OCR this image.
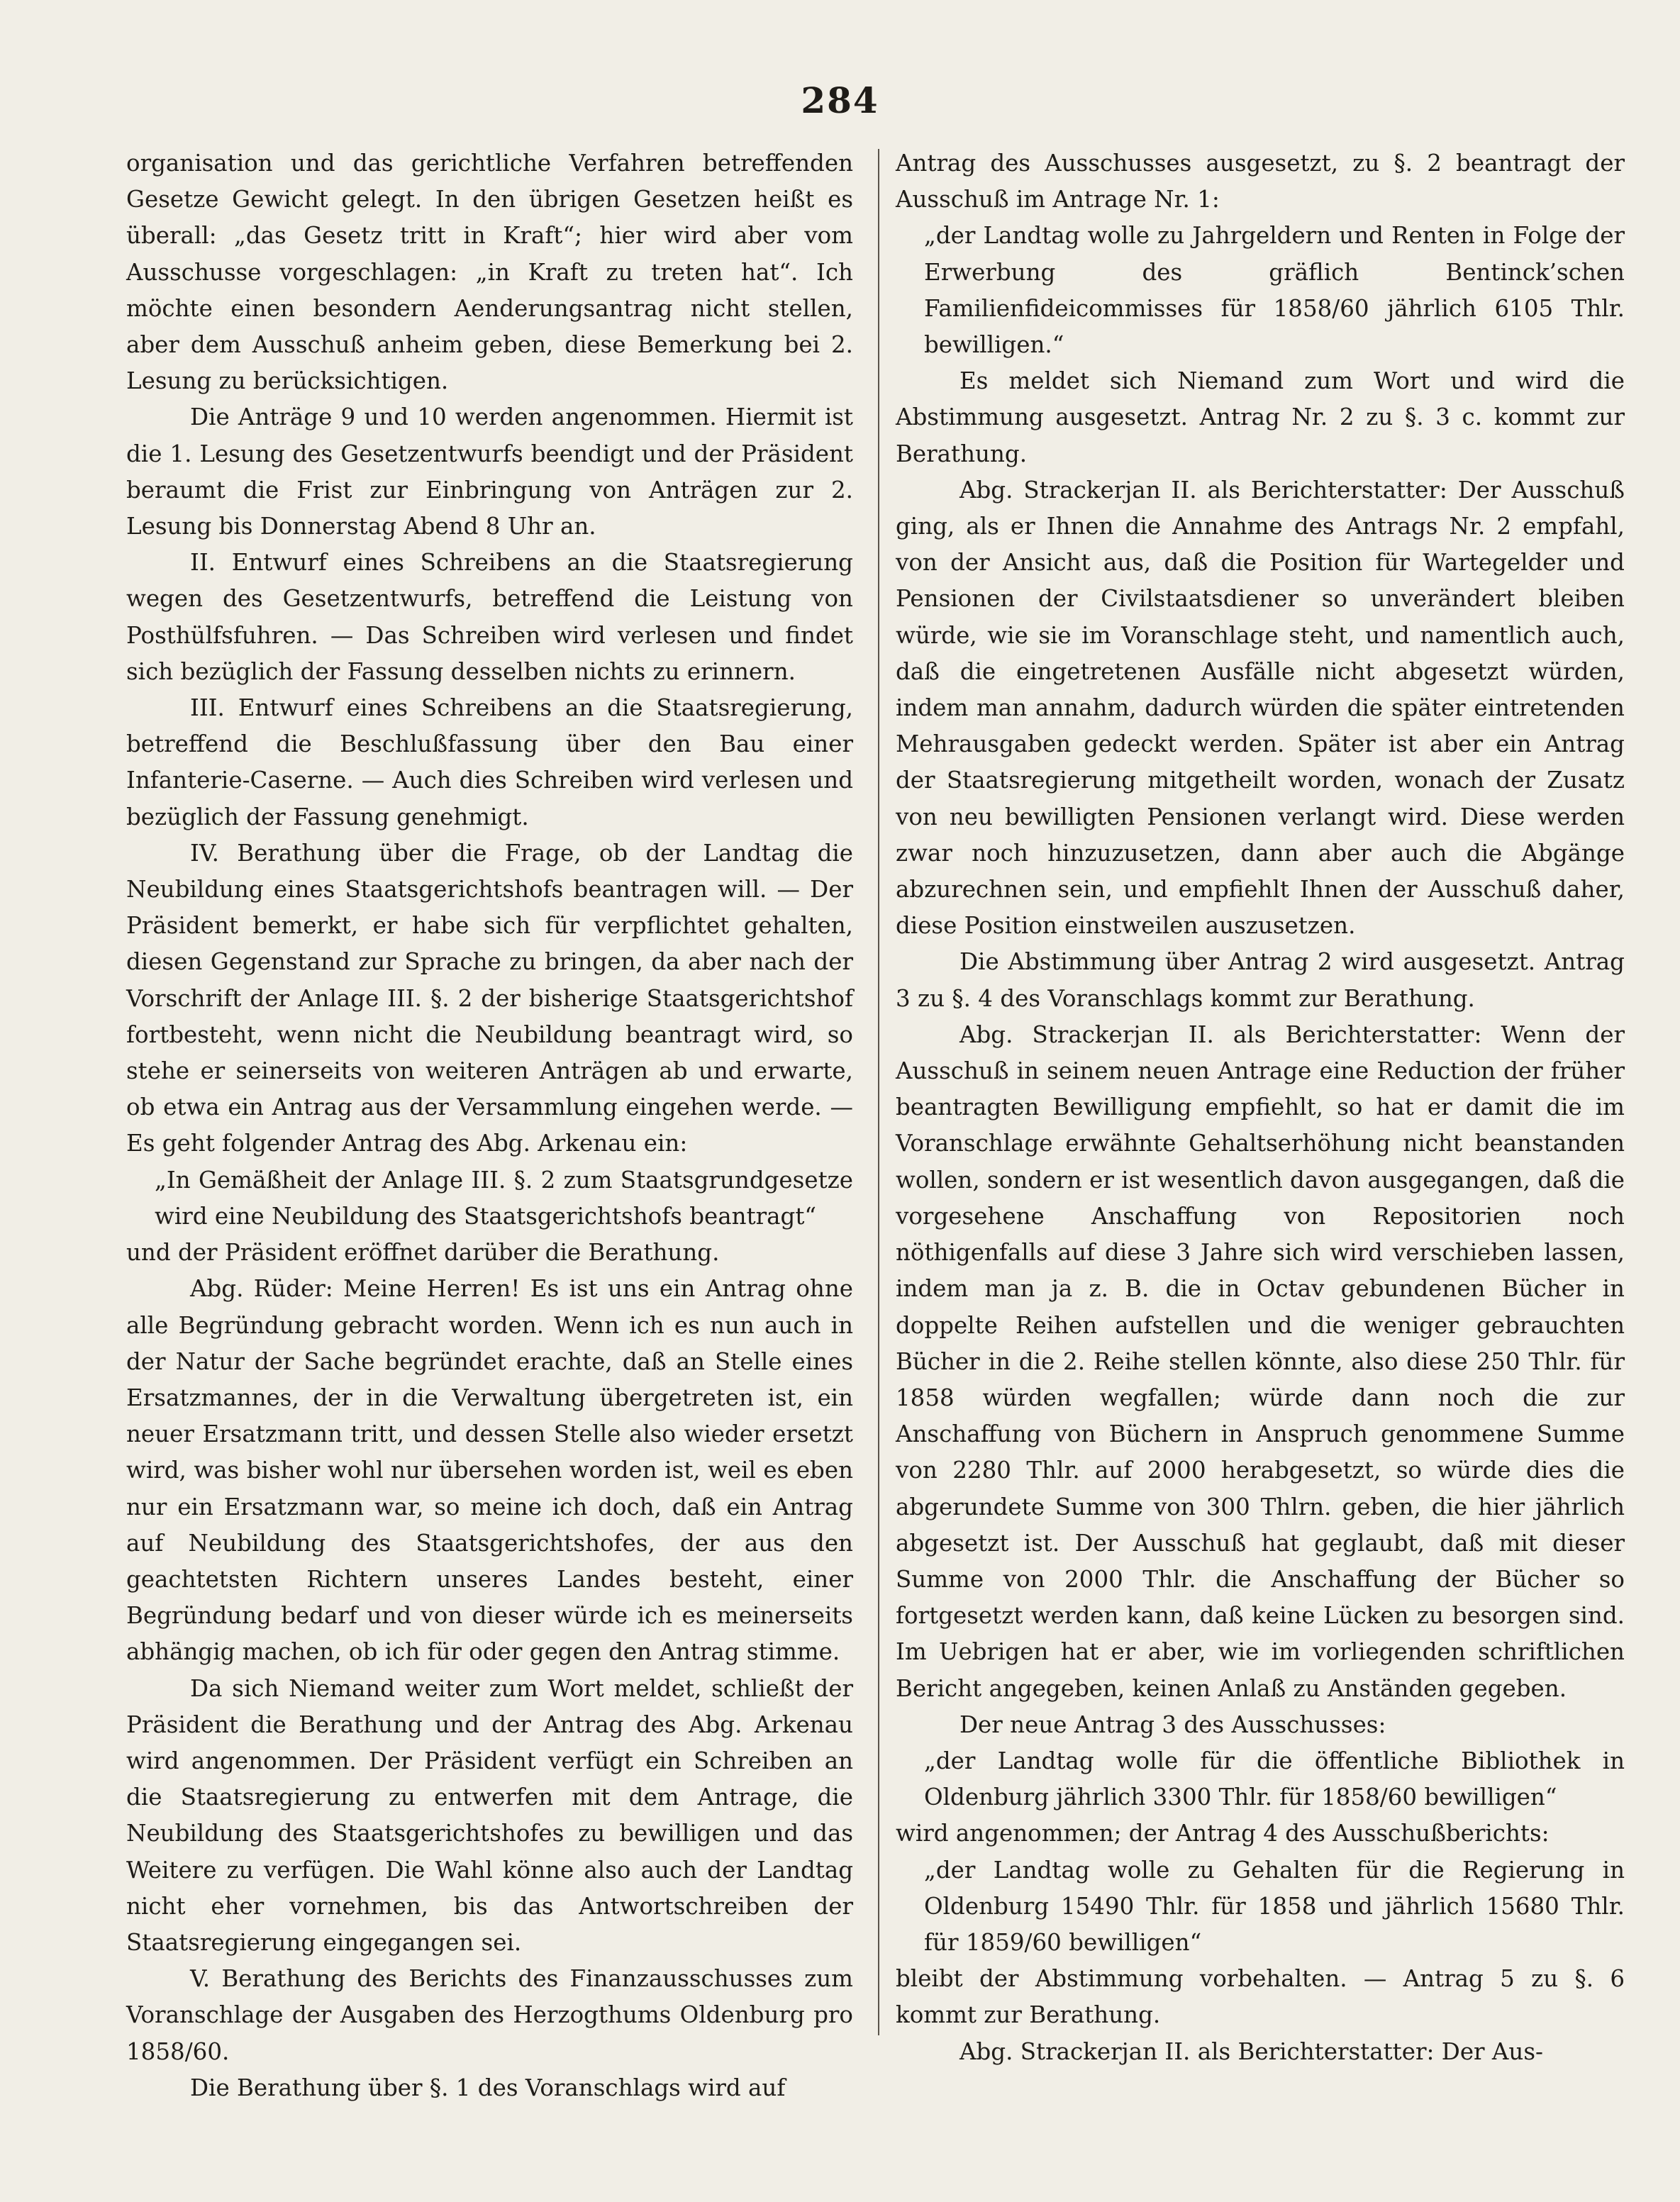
284

organisation und das gerichtliche Verfahren betreffenden Gesetze Gewicht gelegt. In den übrigen Gesetzen heißt es überall: „das Gesetz tritt in Kraft“; hier wird aber vom Ausschusse vorgeschlagen: „in Kraft zu treten hat“. Ich möchte einen besondern Aenderungsantrag nicht stellen, aber dem Ausschuß anheim geben, diese Bemerkung bei 2. Lesung zu berücksichtigen.

Die Anträge 9 und 10 werden angenommen. Hiermit ist die 1. Lesung des Gesetzentwurfs beendigt und der Präsident beraumt die Frist zur Einbringung von Anträgen zur 2. Lesung bis Donnerstag Abend 8 Uhr an.

II. Entwurf eines Schreibens an die Staatsregierung wegen des Gesetzentwurfs, betreffend die Leistung von Posthülfsfuhren. — Das Schreiben wird verlesen und findet sich bezüglich der Fassung desselben nichts zu erinnern.

III. Entwurf eines Schreibens an die Staatsregierung, betreffend die Beschlußfassung über den Bau einer Infanterie-Caserne. — Auch dies Schreiben wird verlesen und bezüglich der Fassung genehmigt.

IV. Berathung über die Frage, ob der Landtag die Neubildung eines Staatsgerichtshofs beantragen will. — Der Präsident bemerkt, er habe sich für verpflichtet gehalten, diesen Gegenstand zur Sprache zu bringen, da aber nach der Vorschrift der Anlage III. §. 2 der bisherige Staatsgerichtshof fortbesteht, wenn nicht die Neubildung beantragt wird, so stehe er seinerseits von weiteren Anträgen ab und erwarte, ob etwa ein Antrag aus der Versammlung eingehen werde. — Es geht folgender Antrag des Abg. Arkenau ein:

„In Gemäßheit der Anlage III. §. 2 zum Staatsgrundgesetze wird eine Neubildung des Staatsgerichtshofs beantragt“

und der Präsident eröffnet darüber die Berathung.

Abg. Rüder: Meine Herren! Es ist uns ein Antrag ohne alle Begründung gebracht worden. Wenn ich es nun auch in der Natur der Sache begründet erachte, daß an Stelle eines Ersatzmannes, der in die Verwaltung übergetreten ist, ein neuer Ersatzmann tritt, und dessen Stelle also wieder ersetzt wird, was bisher wohl nur übersehen worden ist, weil es eben nur ein Ersatzmann war, so meine ich doch, daß ein Antrag auf Neubildung des Staatsgerichtshofes, der aus den geachtetsten Richtern unseres Landes besteht, einer Begründung bedarf und von dieser würde ich es meinerseits abhängig machen, ob ich für oder gegen den Antrag stimme.

Da sich Niemand weiter zum Wort meldet, schließt der Präsident die Berathung und der Antrag des Abg. Arkenau wird angenommen. Der Präsident verfügt ein Schreiben an die Staatsregierung zu entwerfen mit dem Antrage, die Neubildung des Staatsgerichtshofes zu bewilligen und das Weitere zu verfügen. Die Wahl könne also auch der Landtag nicht eher vornehmen, bis das Antwortschreiben der Staatsregierung eingegangen sei.

V. Berathung des Berichts des Finanzausschusses zum Voranschlage der Ausgaben des Herzogthums Oldenburg pro 1858/60.

Die Berathung über §. 1 des Voranschlags wird auf

Antrag des Ausschusses ausgesetzt, zu §. 2 beantragt der Ausschuß im Antrage Nr. 1:

„der Landtag wolle zu Jahrgeldern und Renten in Folge der Erwerbung des gräflich Bentinck’schen Familienfideicommisses für 1858/60 jährlich 6105 Thlr. bewilligen.“

Es meldet sich Niemand zum Wort und wird die Abstimmung ausgesetzt. Antrag Nr. 2 zu §. 3 c. kommt zur Berathung.

Abg. Strackerjan II. als Berichterstatter: Der Ausschuß ging, als er Ihnen die Annahme des Antrags Nr. 2 empfahl, von der Ansicht aus, daß die Position für Wartegelder und Pensionen der Civilstaatsdiener so unverändert bleiben würde, wie sie im Voranschlage steht, und namentlich auch, daß die eingetretenen Ausfälle nicht abgesetzt würden, indem man annahm, dadurch würden die später eintretenden Mehrausgaben gedeckt werden. Später ist aber ein Antrag der Staatsregierung mitgetheilt worden, wonach der Zusatz von neu bewilligten Pensionen verlangt wird. Diese werden zwar noch hinzuzusetzen, dann aber auch die Abgänge abzurechnen sein, und empfiehlt Ihnen der Ausschuß daher, diese Position einstweilen auszusetzen.

Die Abstimmung über Antrag 2 wird ausgesetzt. Antrag 3 zu §. 4 des Voranschlags kommt zur Berathung.

Abg. Strackerjan II. als Berichterstatter: Wenn der Ausschuß in seinem neuen Antrage eine Reduction der früher beantragten Bewilligung empfiehlt, so hat er damit die im Voranschlage erwähnte Gehaltserhöhung nicht beanstanden wollen, sondern er ist wesentlich davon ausgegangen, daß die vorgesehene Anschaffung von Repositorien noch nöthigenfalls auf diese 3 Jahre sich wird verschieben lassen, indem man ja z. B. die in Octav gebundenen Bücher in doppelte Reihen aufstellen und die weniger gebrauchten Bücher in die 2. Reihe stellen könnte, also diese 250 Thlr. für 1858 würden wegfallen; würde dann noch die zur Anschaffung von Büchern in Anspruch genommene Summe von 2280 Thlr. auf 2000 herabgesetzt, so würde dies die abgerundete Summe von 300 Thlrn. geben, die hier jährlich abgesetzt ist. Der Ausschuß hat geglaubt, daß mit dieser Summe von 2000 Thlr. die Anschaffung der Bücher so fortgesetzt werden kann, daß keine Lücken zu besorgen sind. Im Uebrigen hat er aber, wie im vorliegenden schriftlichen Bericht angegeben, keinen Anlaß zu Anständen gegeben.

Der neue Antrag 3 des Ausschusses:

„der Landtag wolle für die öffentliche Bibliothek in Oldenburg jährlich 3300 Thlr. für 1858/60 bewilligen“

wird angenommen; der Antrag 4 des Ausschußberichts:

„der Landtag wolle zu Gehalten für die Regierung in Oldenburg 15490 Thlr. für 1858 und jährlich 15680 Thlr. für 1859/60 bewilligen“

bleibt der Abstimmung vorbehalten. — Antrag 5 zu §. 6 kommt zur Berathung.

Abg. Strackerjan II. als Berichterstatter: Der Aus-
